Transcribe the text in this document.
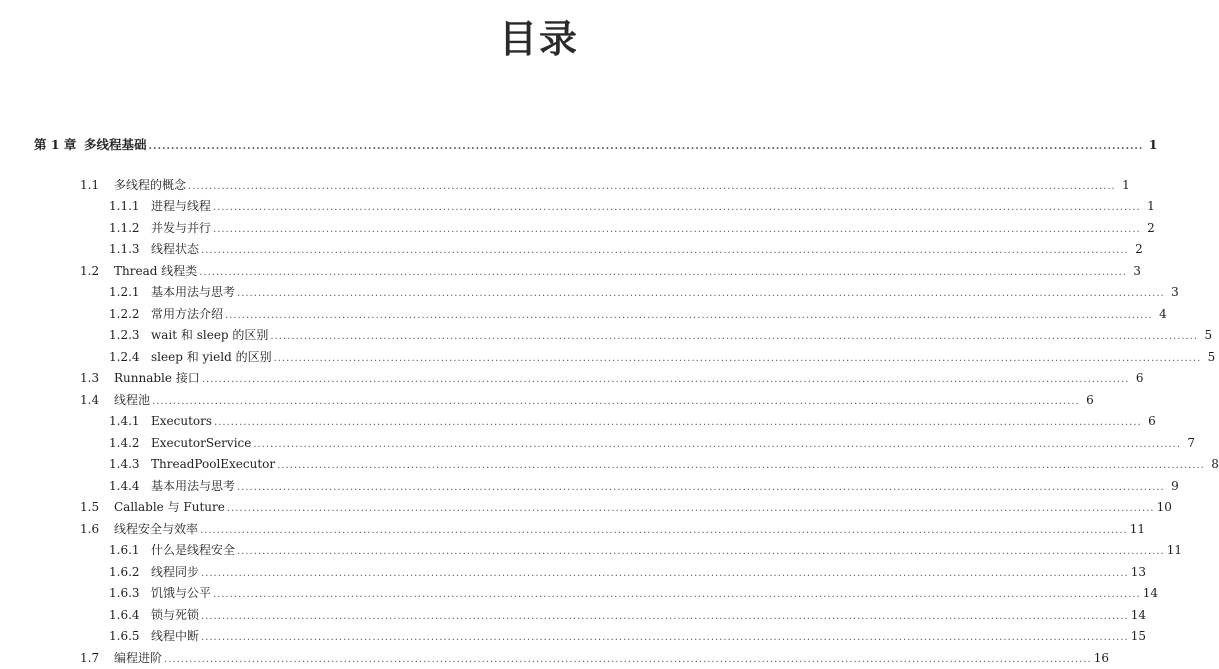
目录
第 1 章 多线程基础 .....	1
1.1	多线程的概念 .....	1
1.1.1 进程与线程 .....	1
1.1.2 并发与并行 .....	2
1.1.3 线程状态 .....	2
1.2	Thread 线程类 .....	3
1.2.1 基本用法与思考 .....	3
1.2.2 常用方法介绍 .....	4
1.2.3 wait 和 sleep 的区别 .....	5
1.2.4 sleep 和 yield 的区别 .....	5
1.3	Runnable 接口 .....	6
1.4	线程池 .....	6
1.4.1 Executors .....	6
1.4.2 ExecutorService .....	7
1.4.3 ThreadPoolExecutor .....	8
1.4.4 基本用法与思考 .....	9
1.5	Callable 与 Future .....	10
1.6	线程安全与效率 .....	11
1.6.1 什么是线程安全 .....	11
1.6.2 线程同步 .....	13
1.6.3 饥饿与公平 .....	14
1.6.4 锁与死锁 .....	14
1.6.5 线程中断 .....	15
1.7	编程进阶 .....	16
